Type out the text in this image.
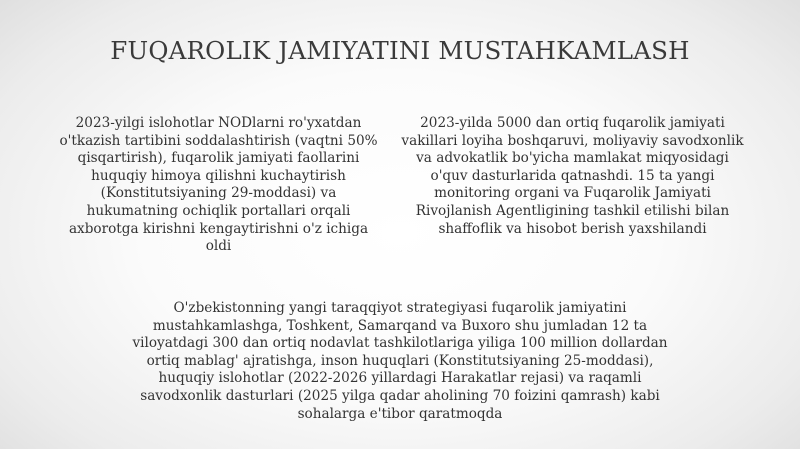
FUQAROLIK JAMIYATINI MUSTAHKAMLASH

2023-yilgi islohotlar NODlarni ro'yxatdan o'tkazish tartibini soddalashtirish (vaqtni 50% qisqartirish), fuqarolik jamiyati faollarini huquqiy himoya qilishni kuchaytirish (Konstitutsiyaning 29-moddasi) va hukumatning ochiqlik portallari orqali axborotga kirishni kengaytirishni o'z ichiga oldi

2023-yilda 5000 dan ortiq fuqarolik jamiyati vakillari loyiha boshqaruvi, moliyaviy savodxonlik va advokatlik bo'yicha mamlakat miqyosidagi o'quv dasturlarida qatnashdi. 15 ta yangi monitoring organi va Fuqarolik Jamiyati Rivojlanish Agentligining tashkil etilishi bilan shaffoflik va hisobot berish yaxshilandi

O'zbekistonning yangi taraqqiyot strategiyasi fuqarolik jamiyatini mustahkamlashga, Toshkent, Samarqand va Buxoro shu jumladan 12 ta viloyatdagi 300 dan ortiq nodavlat tashkilotlariga yiliga 100 million dollardan ortiq mablag' ajratishga, inson huquqlari (Konstitutsiyaning 25-moddasi), huquqiy islohotlar (2022-2026 yillardagi Harakatlar rejasi) va raqamli savodxonlik dasturlari (2025 yilga qadar aholining 70 foizini qamrash) kabi sohalarga e'tibor qaratmoqda
